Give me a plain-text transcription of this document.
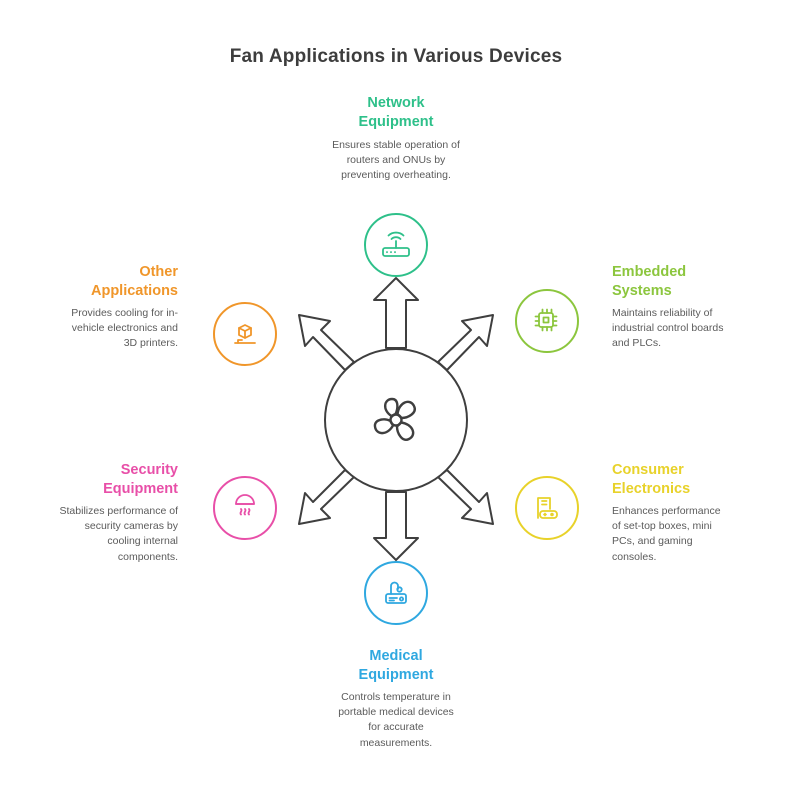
Fan Applications in Various Devices
Network
Equipment
Ensures stable operation of routers and ONUs by preventing overheating.
Embedded
Systems
Maintains reliability of industrial control boards and PLCs.
Consumer
Electronics
Enhances performance of set-top boxes, mini PCs, and gaming consoles.
Medical
Equipment
Controls temperature in portable medical devices for accurate measurements.
Security
Equipment
Stabilizes performance of security cameras by cooling internal components.
Other
Applications
Provides cooling for in-vehicle electronics and 3D printers.
